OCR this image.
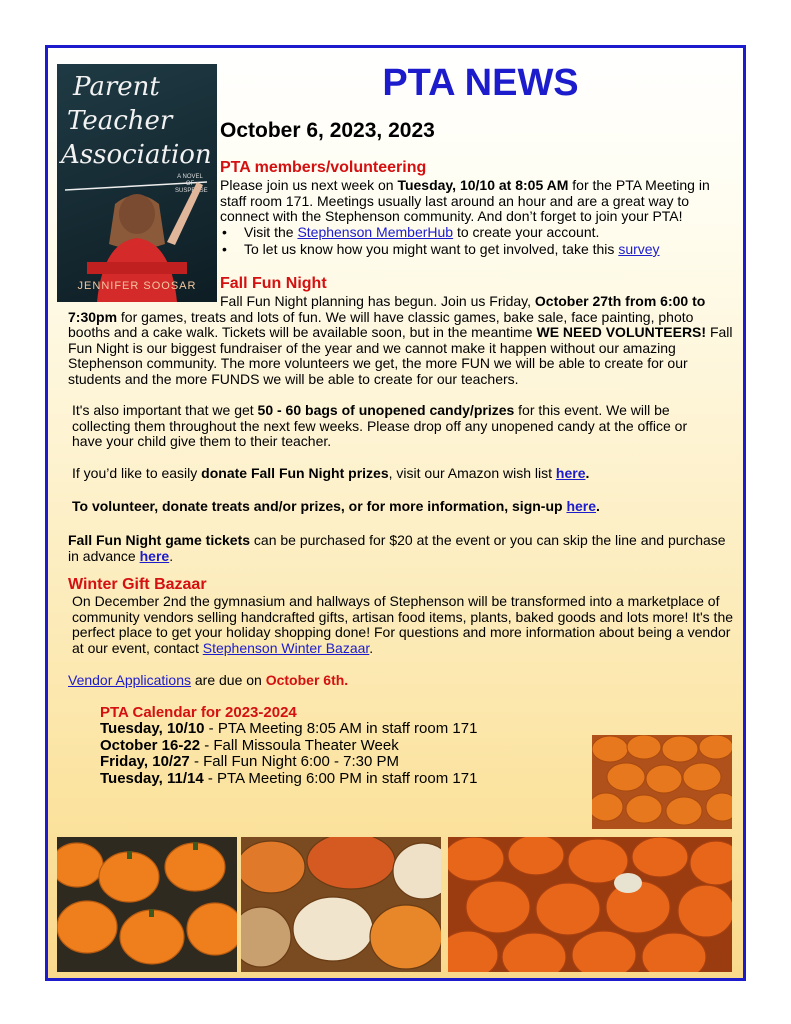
Parent
Teacher
Association
A NOVEL OF SUSPENSE
JENNIFER SOOSAR
PTA NEWS
October 6, 2023, 2023
PTA members/volunteering
Please join us next week on Tuesday, 10/10 at 8:05 AM for the PTA Meeting in staff room 171. Meetings usually last around an hour and are a great way to connect with the Stephenson community. And don’t forget to join your PTA!
• Visit the Stephenson MemberHub to create your account.
• To let us know how you might want to get involved, take this survey
Fall Fun Night
Fall Fun Night planning has begun. Join us Friday, October 27th from 6:00 to 7:30pm for games, treats and lots of fun. We will have classic games, bake sale, face painting, photo booths and a cake walk. Tickets will be available soon, but in the meantime WE NEED VOLUNTEERS! Fall Fun Night is our biggest fundraiser of the year and we cannot make it happen without our amazing Stephenson community. The more volunteers we get, the more FUN we will be able to create for our students and the more FUNDS we will be able to create for our teachers.
It's also important that we get 50 - 60 bags of unopened candy/prizes for this event. We will be collecting them throughout the next few weeks. Please drop off any unopened candy at the office or have your child give them to their teacher.
If you’d like to easily donate Fall Fun Night prizes, visit our Amazon wish list here.
To volunteer, donate treats and/or prizes, or for more information, sign-up here.
Fall Fun Night game tickets can be purchased for $20 at the event or you can skip the line and purchase in advance here.
Winter Gift Bazaar
On December 2nd the gymnasium and hallways of Stephenson will be transformed into a marketplace of community vendors selling handcrafted gifts, artisan food items, plants, baked goods and lots more! It's the perfect place to get your holiday shopping done! For questions and more information about being a vendor at our event, contact Stephenson Winter Bazaar.
Vendor Applications are due on October 6th.
PTA Calendar for 2023-2024
Tuesday, 10/10 - PTA Meeting 8:05 AM in staff room 171
October 16-22 - Fall Missoula Theater Week
Friday, 10/27 - Fall Fun Night 6:00 - 7:30 PM
Tuesday, 11/14 - PTA Meeting 6:00 PM in staff room 171
